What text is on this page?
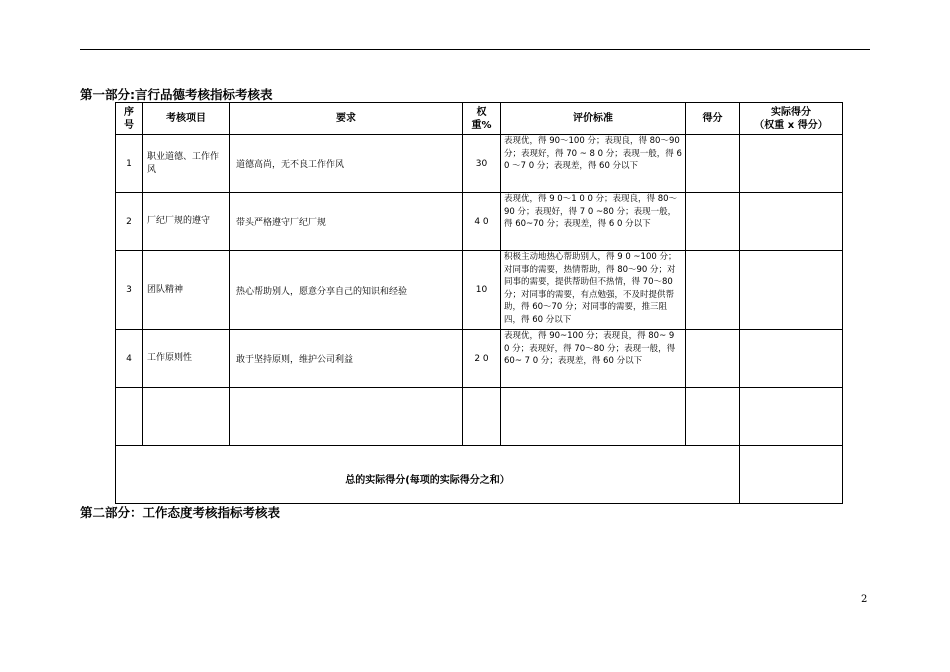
第一部分:言行品德考核指标考核表
序号	考核项目	要求	权重%	评价标准	得分	实际得分
（权重 x 得分）

1	职业道德、工作作风	道德高尚，无不良工作作风	30	表现优，得 90～100 分；表现良，得 80～90 分；表现好，得 70 ~ 8 0 分；表现一般，得 6 0 ～7 0 分；表现差，得 60 分以下		
2	厂纪厂规的遵守	带头严格遵守厂纪厂规	4 0	表现优，得 9 0～1 0 0 分；表现良，得 80～90 分；表现好，得 7 0 ~80 分；表现一般，得 60~70 分；表现差，得 6 0 分以下		
3	团队精神	热心帮助别人，愿意分享自己的知识和经验	10	积极主动地热心帮助别人，得 9 0 ~100 分；对同事的需要，热情帮助，得 80～90 分；对同事的需要，提供帮助但不热情，得 70～80 分；对同事的需要，有点勉强，不及时提供帮助，得 60～70 分；对同事的需要，推三阻四，得 60 分以下		
4	工作原则性	敢于坚持原则，维护公司利益	2 0	表现优，得 90~100 分；表现良，得 80~ 9 0 分；表现好，得 70～80 分；表现一般，得 60~ 7 0 分；表现差，得 60 分以下		

总的实际得分(每项的实际得分之和）						
第二部分：工作态度考核指标考核表
2
